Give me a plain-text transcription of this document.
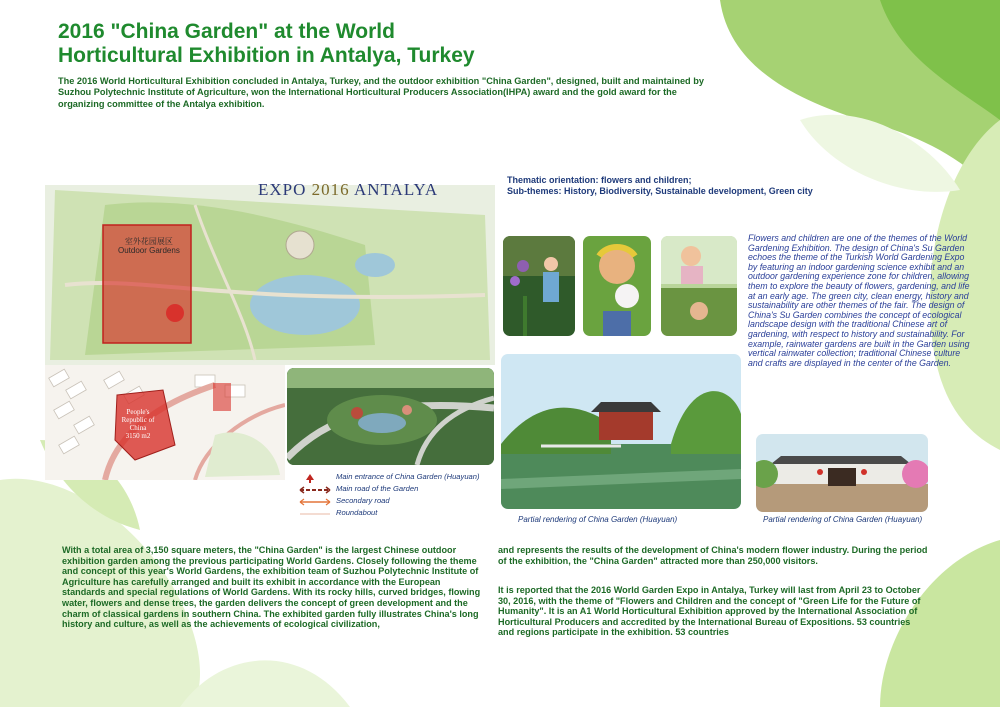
2016 "China Garden" at the World
Horticultural Exhibition in Antalya, Turkey
The 2016 World Horticultural Exhibition concluded in Antalya, Turkey, and the outdoor exhibition "China Garden", designed, built and maintained by Suzhou Polytechnic Institute of Agriculture, won the International Horticultural Producers Association(IHPA) award and the gold award for the organizing committee of the Antalya exhibition.
室外花园展区
Outdoor Gardens
EXPO 2016 ANTALYA
People's
Republic of
China
3150 m2
Main entrance of China Garden (Huayuan)
Main road of the Garden
Secondary road
Roundabout
Thematic orientation: flowers and children;
Sub-themes: History, Biodiversity, Sustainable development, Green city
Flowers and children are one of the themes of the World Gardening Exhibition. The design of China's Su Garden echoes the theme of the Turkish World Gardening Expo by featuring an indoor gardening science exhibit and an outdoor gardening experience zone for children, allowing them to explore the beauty of flowers, gardening, and life at an early age. The green city, clean energy, history and sustainability are other themes of the fair. The design of China's Su Garden combines the concept of ecological landscape design with the traditional Chinese art of gardening, with respect to history and sustainability. For example, rainwater gardens are built in the Garden using vertical rainwater collection; traditional Chinese culture and crafts are displayed in the center of the Garden.
Partial rendering of China Garden (Huayuan)	Partial rendering of China Garden (Huayuan)
With a total area of 3,150 square meters, the "China Garden" is the largest Chinese outdoor exhibition garden among the previous participating World Gardens. Closely following the theme and concept of this year's World Gardens, the exhibition team of Suzhou Polytechnic Institute of Agriculture has carefully arranged and built its exhibit in accordance with the European standards and special regulations of World Gardens. With its rocky hills, curved bridges, flowing water, flowers and dense trees, the garden delivers the concept of green development and the charm of classical gardens in southern China. The exhibited garden fully illustrates China's long history and culture, as well as the achievements of ecological civilization,
and represents the results of the development of China's modern flower industry. During the period of the exhibition, the "China Garden" attracted more than 250,000 visitors.
It is reported that the 2016 World Garden Expo in Antalya, Turkey will last from April 23 to October 30, 2016, with the theme of "Flowers and Children and the concept of "Green Life for the Future of Humanity". It is an A1 World Horticultural Exhibition approved by the International Association of Horticultural Producers and accredited by the International Bureau of Expositions. 53 countries and regions participate in the exhibition. 53 countries
